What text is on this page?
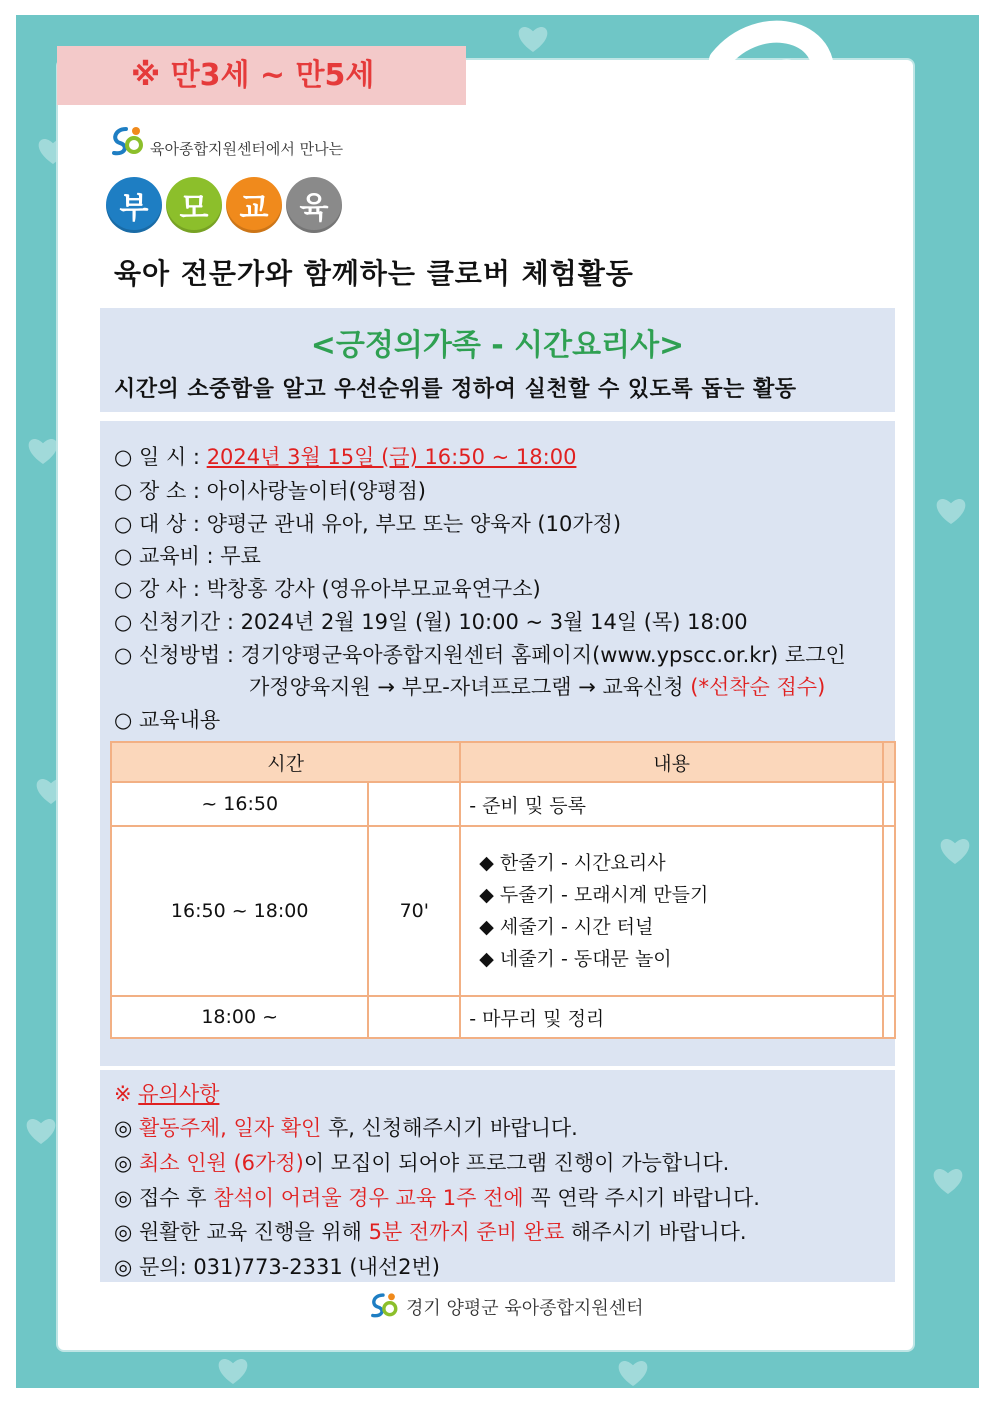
※ 만3세 ~ 만5세
육아종합지원센터에서 만나는
부	모	교	육
육아 전문가와 함께하는 클로버 체험활동
<긍정의가족 - 시간요리사>
시간의 소중함을 알고 우선순위를 정하여 실천할 수 있도록 돕는 활동
○ 일 시 : 2024년 3월 15일 (금) 16:50 ~ 18:00
○ 장 소 : 아이사랑놀이터(양평점)
○ 대 상 : 양평군 관내 유아, 부모 또는 양육자 (10가정)
○ 교육비 : 무료
○ 강 사 : 박창홍 강사 (영유아부모교육연구소)
○ 신청기간 : 2024년 2월 19일 (월) 10:00 ~ 3월 14일 (목) 18:00
○ 신청방법 : 경기양평군육아종합지원센터 홈페이지(www.ypscc.or.kr) 로그인
가정양육지원 → 부모-자녀프로그램 → 교육신청 (*선착순 접수)
○ 교육내용
시간		내용	
~ 16:50		- 준비 및 등록	
16:50 ~ 18:00	70'	◆ 한줄기 - 시간요리사
◆ 두줄기 - 모래시계 만들기
◆ 세줄기 - 시간 터널
◆ 네줄기 - 동대문 놀이	

18:00 ~		- 마무리 및 정리	
※ 유의사항
◎ 활동주제, 일자 확인 후, 신청해주시기 바랍니다.
◎ 최소 인원 (6가정)이 모집이 되어야 프로그램 진행이 가능합니다.
◎ 접수 후 참석이 어려울 경우 교육 1주 전에 꼭 연락 주시기 바랍니다.
◎ 원활한 교육 진행을 위해 5분 전까지 준비 완료 해주시기 바랍니다.
◎ 문의: 031)773-2331 (내선2번)
경기 양평군 육아종합지원센터
